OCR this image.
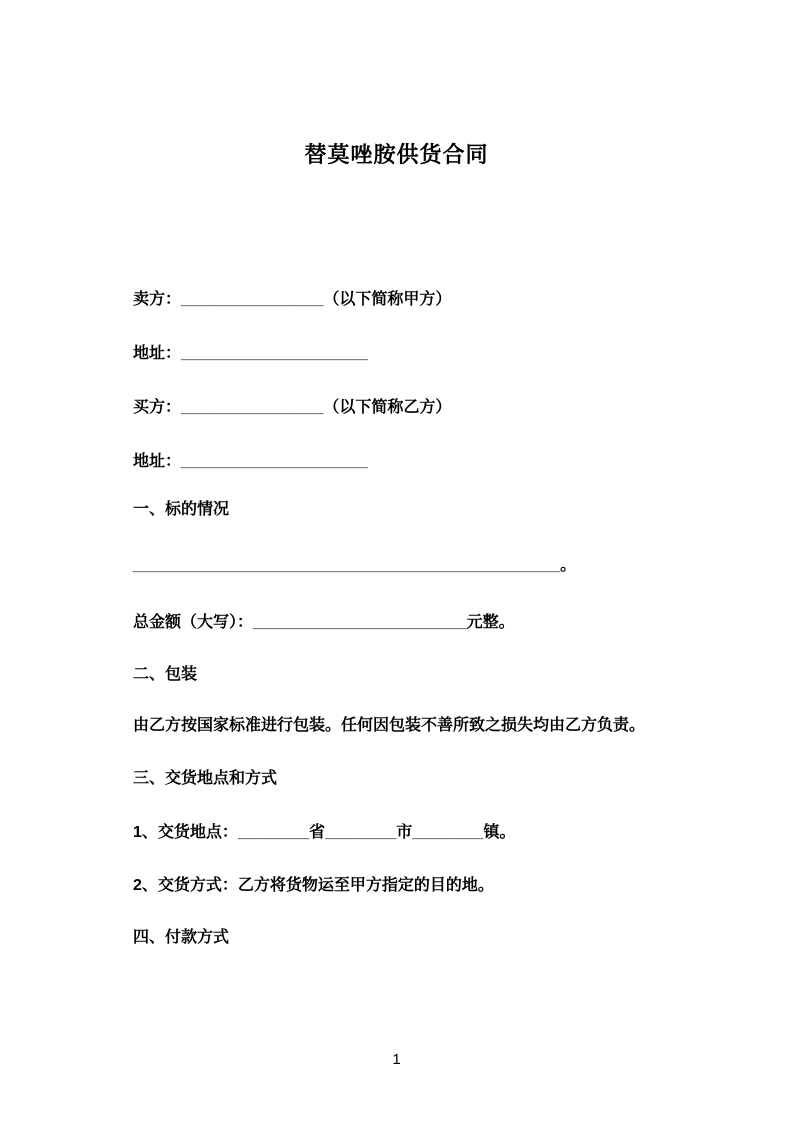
替莫唑胺供货合同

卖方：________________（以下简称甲方）

地址：_____________________

买方：________________（以下简称乙方）

地址：_____________________

一、标的情况

________________________________________________。

总金额（大写）：________________________元整。

二、包装

由乙方按国家标准进行包装。任何因包装不善所致之损失均由乙方负责。

三、交货地点和方式

1、交货地点：________省________市________镇。

2、交货方式：乙方将货物运至甲方指定的目的地。

四、付款方式

1
